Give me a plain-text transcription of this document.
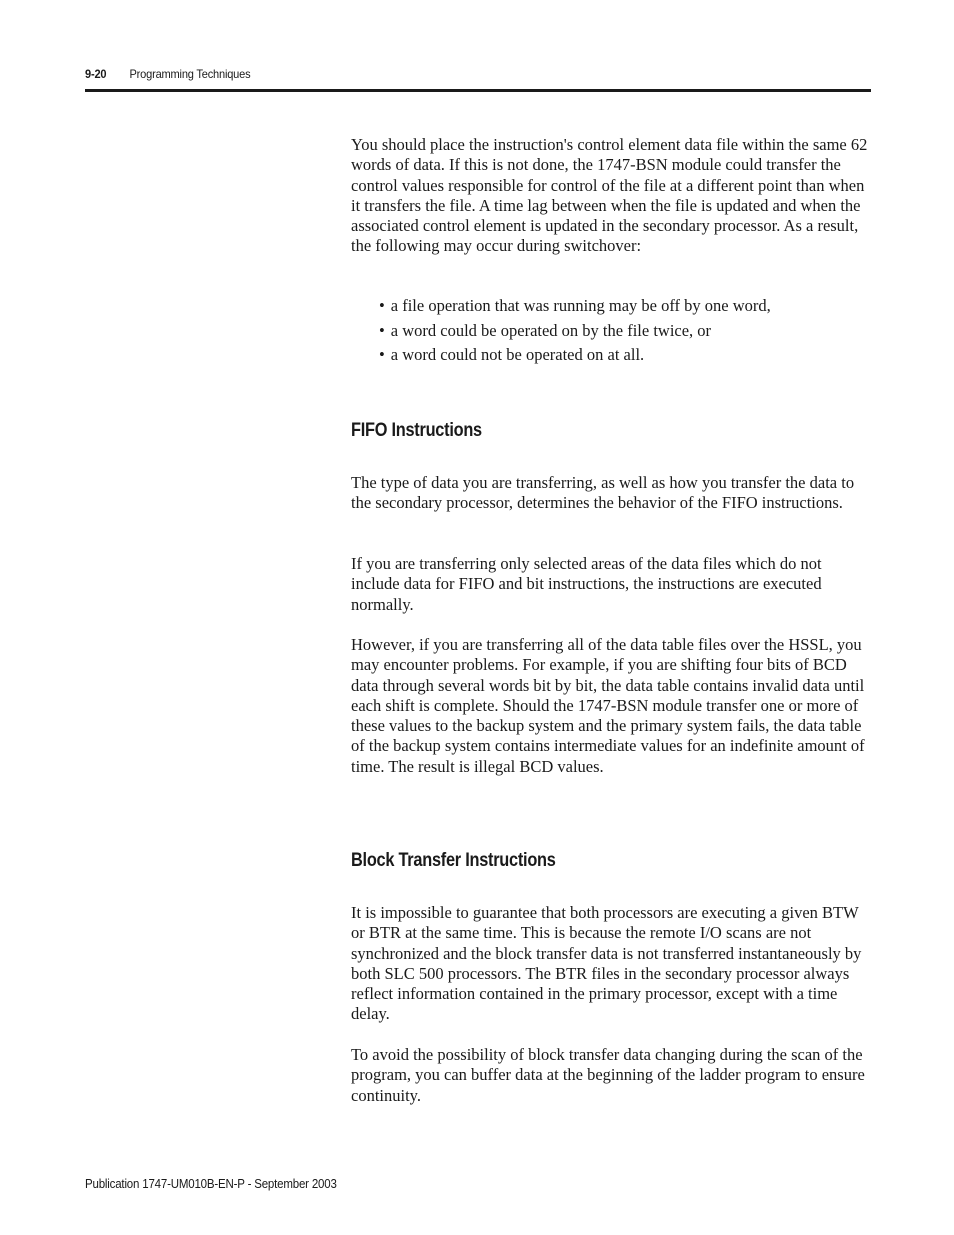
9-20 Programming Techniques

You should place the instruction's control element data file within the same 62 words of data. If this is not done, the 1747-BSN module could transfer the control values responsible for control of the file at a different point than when it transfers the file. A time lag between when the file is updated and when the associated control element is updated in the secondary processor. As a result, the following may occur during switchover:

• a file operation that was running may be off by one word,
• a word could be operated on by the file twice, or
• a word could not be operated on at all.
FIFO Instructions

The type of data you are transferring, as well as how you transfer the data to the secondary processor, determines the behavior of the FIFO instructions.

If you are transferring only selected areas of the data files which do not include data for FIFO and bit instructions, the instructions are executed normally.

However, if you are transferring all of the data table files over the HSSL, you may encounter problems. For example, if you are shifting four bits of BCD data through several words bit by bit, the data table contains invalid data until each shift is complete. Should the 1747-BSN module transfer one or more of these values to the backup system and the primary system fails, the data table of the backup system contains intermediate values for an indefinite amount of time. The result is illegal BCD values.

Block Transfer Instructions

It is impossible to guarantee that both processors are executing a given BTW or BTR at the same time. This is because the remote I/O scans are not synchronized and the block transfer data is not transferred instantaneously by both SLC 500 processors. The BTR files in the secondary processor always reflect information contained in the primary processor, except with a time delay.

To avoid the possibility of block transfer data changing during the scan of the program, you can buffer data at the beginning of the ladder program to ensure continuity.

Publication 1747-UM010B-EN-P - September 2003
